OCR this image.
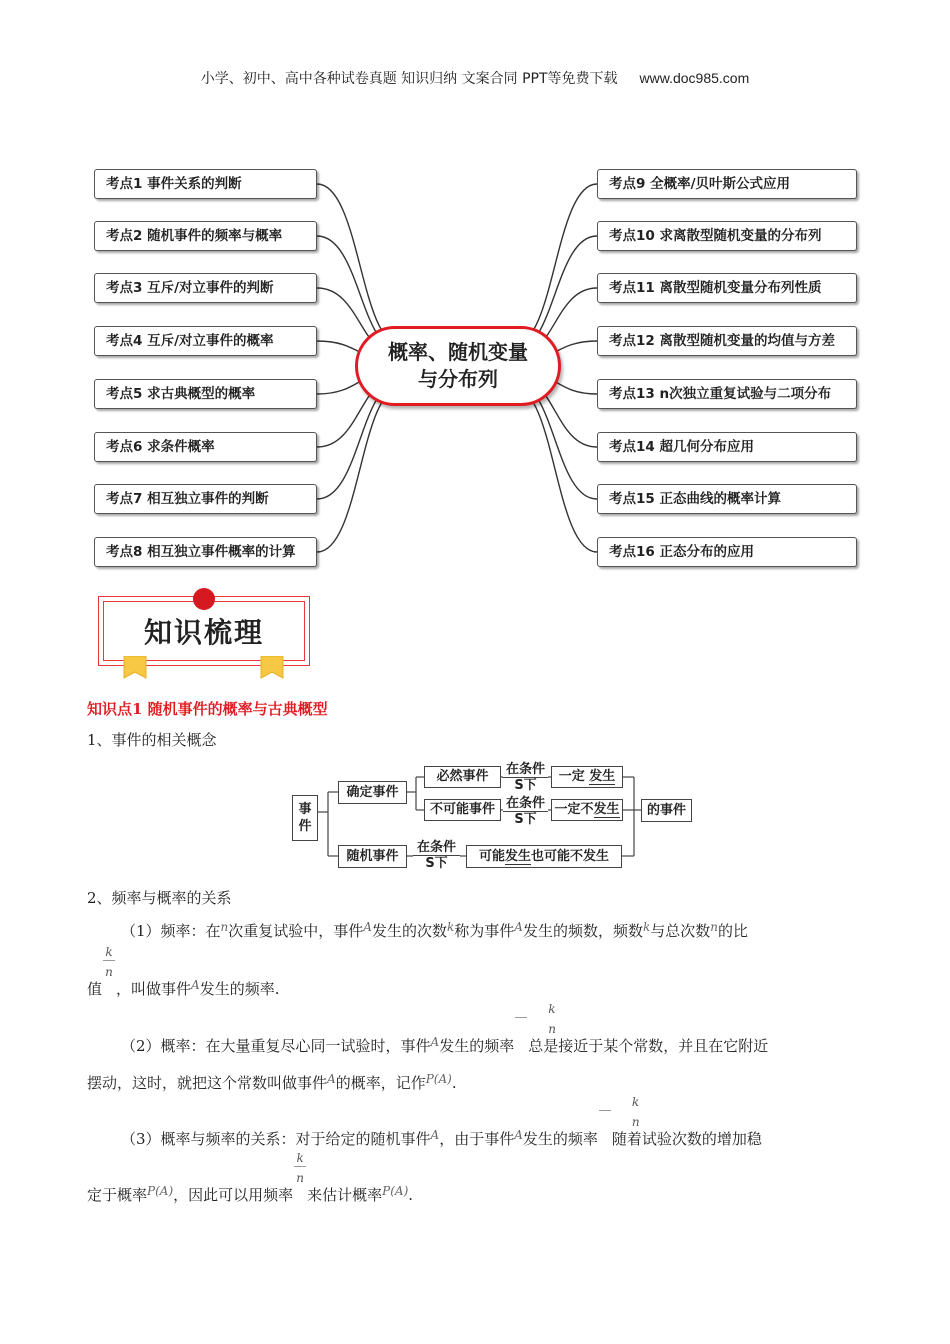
小学、初中、高中各种试卷真题 知识归纳 文案合同 PPT等免费下载 www.doc985.com
概率、随机变量与分布列
考点1 事件关系的判断
考点2 随机事件的频率与概率
考点3 互斥/对立事件的判断
考点4 互斥/对立事件的概率
考点5 求古典概型的概率
考点6 求条件概率
考点7 相互独立事件的判断
考点8 相互独立事件概率的计算
考点9 全概率/贝叶斯公式应用
考点10 求离散型随机变量的分布列
考点11 离散型随机变量分布列性质
考点12 离散型随机变量的均值与方差
考点13 n次独立重复试验与二项分布
考点14 超几何分布应用
考点15 正态曲线的概率计算
考点16 正态分布的应用
知识梳理
知识点1 随机事件的概率与古典概型
1、事件的相关概念
事件
确定事件
随机事件
必然事件
不可能事件
在条件
S下
在条件
S下
在条件
S下
一定 发生
一定不发生
可能发生也可能不发生
的事件
2、频率与概率的关系
（1）频率：在$^n$次重复试验中，事件$^A$发生的次数$^k$称为事件$^A$发生的频数，频数$^k$与总次数$^n$的比
值 $\frac{k}{n}$ ，叫做事件$^A$发生的频率.
（2）概率：在大量重复尽心同一试验时，事件$^A$发生的频率 $\frac{k}{n}$ 总是接近于某个常数，并且在它附近
摆动，这时，就把这个常数叫做事件$^A$的概率，记作$^{P(A)}$.
（3）概率与频率的关系：对于给定的随机事件$^A$，由于事件$^A$发生的频率 $\frac{k}{n}$ 随着试验次数的增加稳
定于概率$^{P(A)}$，因此可以用频率 $\frac{k}{n}$ 来估计概率$^{P(A)}$.
